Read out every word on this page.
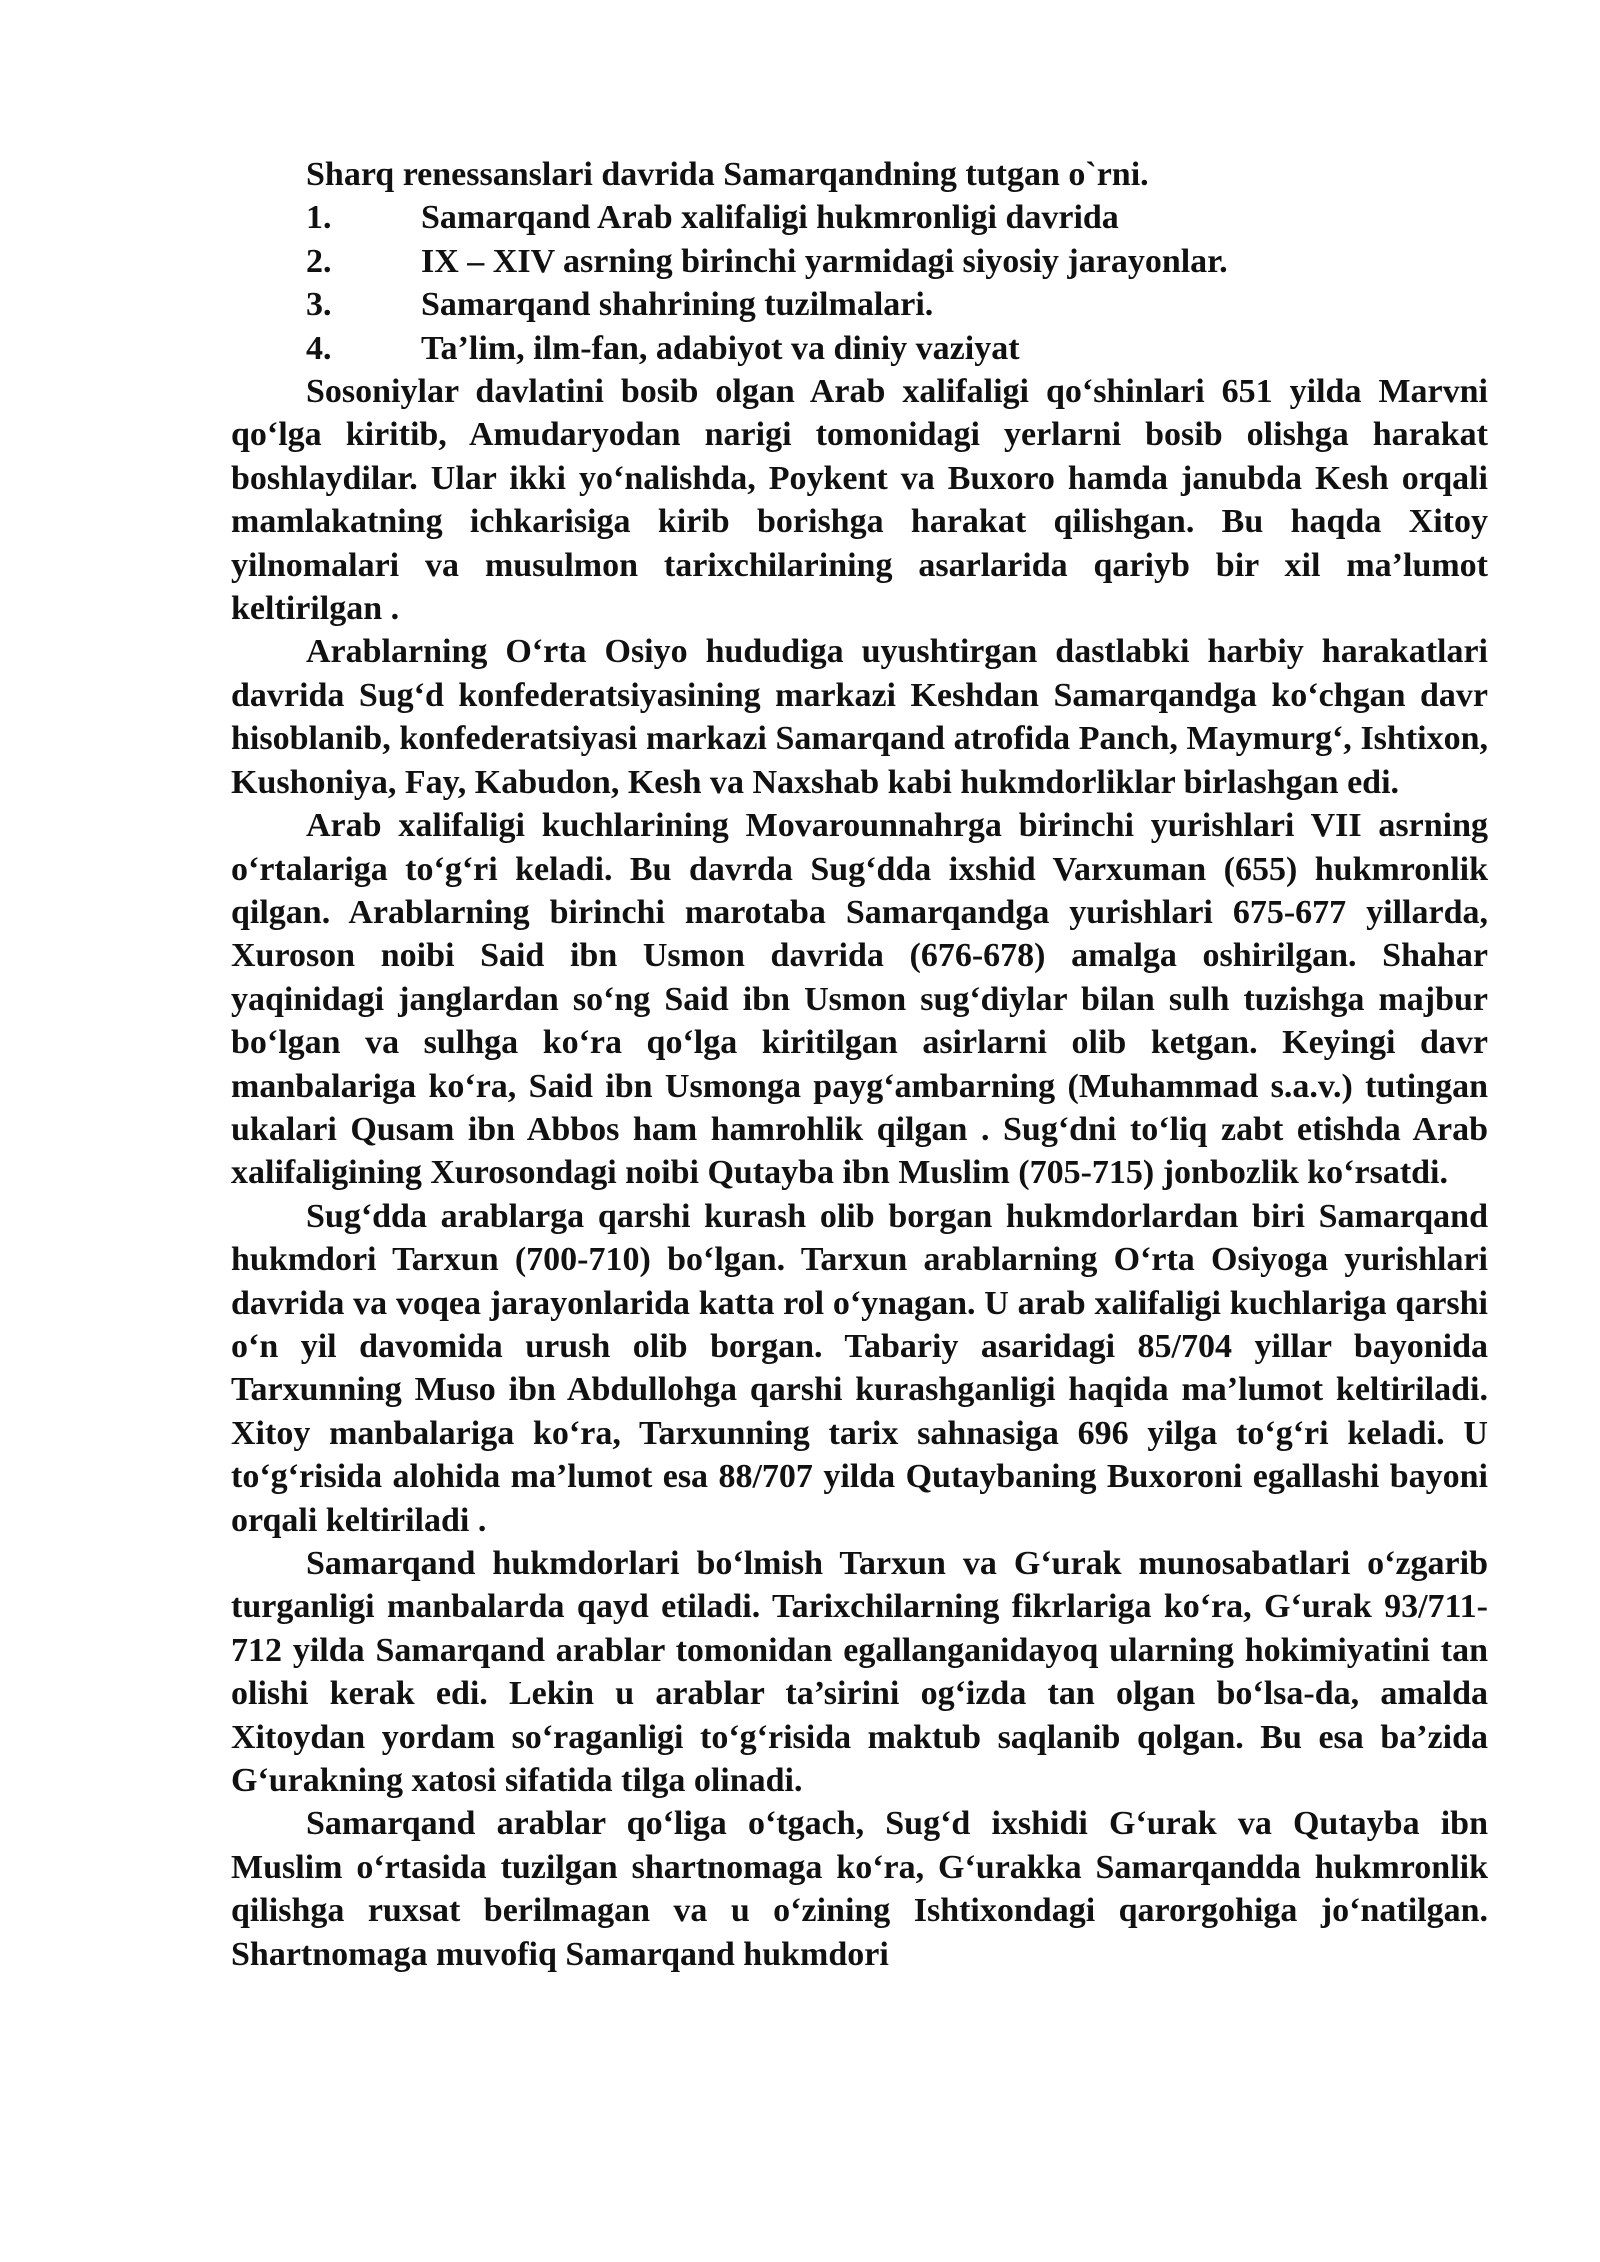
Sharq renessanslari davrida Samarqandning tutgan o`rni.

1.	Samarqand Arab xalifaligi hukmronligi davrida
2.	IX – XIV asrning birinchi yarmidagi siyosiy jarayonlar.
3.	Samarqand shahrining tuzilmalari.
4.	Ta’lim, ilm-fan, adabiyot va diniy vaziyat

Sosoniylar davlatini bosib olgan Arab xalifaligi qo‘shinlari 651 yilda Marvni qo‘lga kiritib, Amudaryodan narigi tomonidagi yerlarni bosib olishga harakat boshlaydilar. Ular ikki yo‘nalishda, Poykent va Buxoro hamda janubda Kesh orqali mamlakatning ichkarisiga kirib borishga harakat qilishgan. Bu haqda Xitoy yilnomalari va musulmon tarixchilarining asarlarida qariyb bir xil ma’lumot keltirilgan .

Arablarning O‘rta Osiyo hududiga uyushtirgan dastlabki harbiy harakatlari davrida Sug‘d konfederatsiyasining markazi Keshdan Samarqandga ko‘chgan davr hisoblanib, konfederatsiyasi markazi Samarqand atrofida Panch, Maymurg‘, Ishtixon, Kushoniya, Fay, Kabudon, Kesh va Naxshab kabi hukmdorliklar birlashgan edi.

Arab xalifaligi kuchlarining Movarounnahrga birinchi yurishlari VII asrning o‘rtalariga to‘g‘ri keladi. Bu davrda Sug‘dda ixshid Varxuman (655) hukmronlik qilgan. Arablarning birinchi marotaba Samarqandga yurishlari 675-677 yillarda, Xuroson noibi Said ibn Usmon davrida (676-678) amalga oshirilgan. Shahar yaqinidagi janglardan so‘ng Said ibn Usmon sug‘diylar bilan sulh tuzishga majbur bo‘lgan va sulhga ko‘ra qo‘lga kiritilgan asirlarni olib ketgan. Keyingi davr manbalariga ko‘ra, Said ibn Usmonga payg‘ambarning (Muhammad s.a.v.) tutingan ukalari Qusam ibn Abbos ham hamrohlik qilgan . Sug‘dni to‘liq zabt etishda Arab xalifaligining Xurosondagi noibi Qutayba ibn Muslim (705-715) jonbozlik ko‘rsatdi.

Sug‘dda arablarga qarshi kurash olib borgan hukmdorlardan biri Samarqand hukmdori Tarxun (700-710) bo‘lgan. Tarxun arablarning O‘rta Osiyoga yurishlari davrida va voqea jarayonlarida katta rol o‘ynagan. U arab xalifaligi kuchlariga qarshi o‘n yil davomida urush olib borgan. Tabariy asaridagi 85/704 yillar bayonida Tarxunning Muso ibn Abdullohga qarshi kurashganligi haqida ma’lumot keltiriladi. Xitoy manbalariga ko‘ra, Tarxunning tarix sahnasiga 696 yilga to‘g‘ri keladi. U to‘g‘risida alohida ma’lumot esa 88/707 yilda Qutaybaning Buxoroni egallashi bayoni orqali keltiriladi .

Samarqand hukmdorlari bo‘lmish Tarxun va G‘urak munosabatlari o‘zgarib turganligi manbalarda qayd etiladi. Tarixchilarning fikrlariga ko‘ra, G‘urak 93/711-712 yilda Samarqand arablar tomonidan egallanganidayoq ularning hokimiyatini tan olishi kerak edi. Lekin u arablar ta’sirini og‘izda tan olgan bo‘lsa-da, amalda Xitoydan yordam so‘raganligi to‘g‘risida maktub saqlanib qolgan. Bu esa ba’zida G‘urakning xatosi sifatida tilga olinadi.

Samarqand arablar qo‘liga o‘tgach, Sug‘d ixshidi G‘urak va Qutayba ibn Muslim o‘rtasida tuzilgan shartnomaga ko‘ra, G‘urakka Samarqandda hukmronlik qilishga ruxsat berilmagan va u o‘zining Ishtixondagi qarorgohiga jo‘natilgan. Shartnomaga muvofiq Samarqand hukmdori
